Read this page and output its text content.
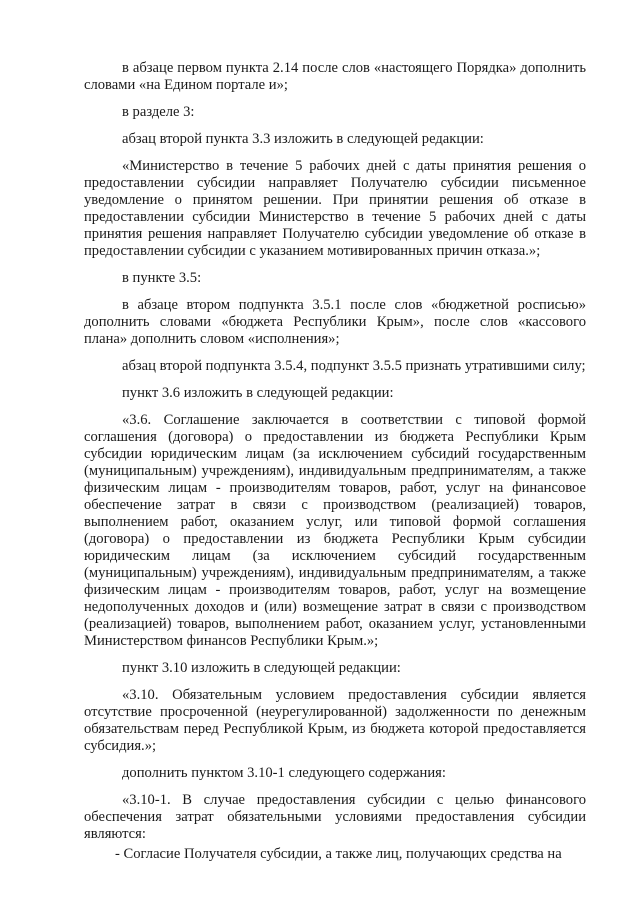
в абзаце первом пункта 2.14 после слов «настоящего Порядка» дополнить словами «на Едином портале и»;

в разделе 3:

абзац второй пункта 3.3 изложить в следующей редакции:

«Министерство в течение 5 рабочих дней с даты принятия решения о предоставлении субсидии направляет Получателю субсидии письменное уведомление о принятом решении. При принятии решения об отказе в предоставлении субсидии Министерство в течение 5 рабочих дней с даты принятия решения направляет Получателю субсидии уведомление об отказе в предоставлении субсидии с указанием мотивированных причин отказа.»;

в пункте 3.5:

в абзаце втором подпункта 3.5.1 после слов «бюджетной росписью» дополнить словами «бюджета Республики Крым», после слов «кассового плана» дополнить словом «исполнения»;

абзац второй подпункта 3.5.4, подпункт 3.5.5 признать утратившими силу;

пункт 3.6 изложить в следующей редакции:

«3.6. Соглашение заключается в соответствии с типовой формой соглашения (договора) о предоставлении из бюджета Республики Крым субсидии юридическим лицам (за исключением субсидий государственным (муниципальным) учреждениям), индивидуальным предпринимателям, а также физическим лицам - производителям товаров, работ, услуг на финансовое обеспечение затрат в связи с производством (реализацией) товаров, выполнением работ, оказанием услуг, или типовой формой соглашения (договора) о предоставлении из бюджета Республики Крым субсидии юридическим лицам (за исключением субсидий государственным (муниципальным) учреждениям), индивидуальным предпринимателям, а также физическим лицам - производителям товаров, работ, услуг на возмещение недополученных доходов и (или) возмещение затрат в связи с производством (реализацией) товаров, выполнением работ, оказанием услуг, установленными Министерством финансов Республики Крым.»;

пункт 3.10 изложить в следующей редакции:

«3.10. Обязательным условием предоставления субсидии является отсутствие просроченной (неурегулированной) задолженности по денежным обязательствам перед Республикой Крым, из бюджета которой предоставляется субсидия.»;

дополнить пунктом 3.10-1 следующего содержания:

«3.10-1. В случае предоставления субсидии с целью финансового обеспечения затрат обязательными условиями предоставления субсидии являются:

- Согласие Получателя субсидии, а также лиц, получающих средства на
